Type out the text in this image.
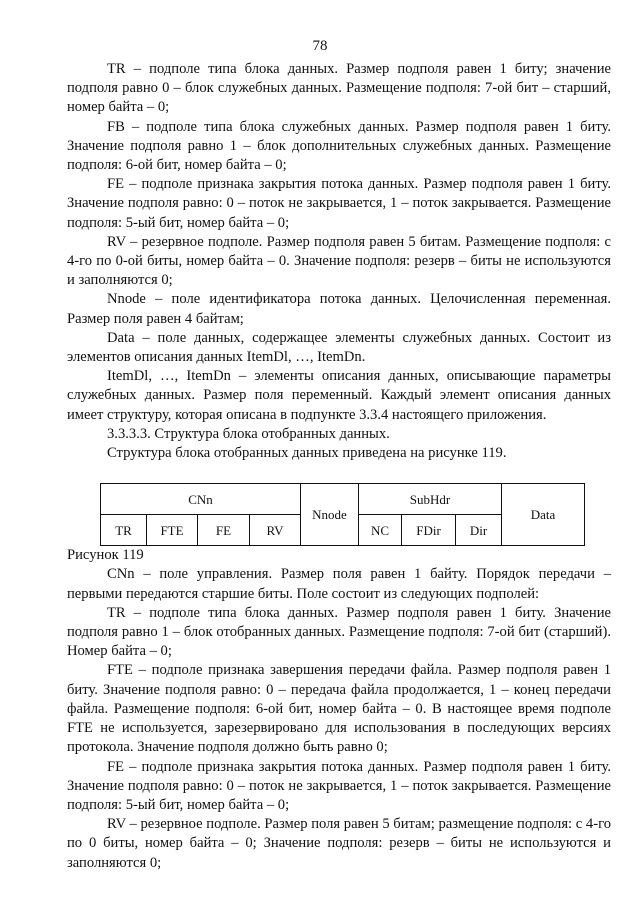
78

TR – подполе типа блока данных. Размер подполя равен 1 биту; значение подполя равно 0 – блок служебных данных. Размещение подполя: 7-ой бит – старший, номер байта – 0;

FB – подполе типа блока служебных данных. Размер подполя равен 1 биту. Значение подполя равно 1 – блок дополнительных служебных данных. Размещение подполя: 6-ой бит, номер байта – 0;

FE – подполе признака закрытия потока данных. Размер подполя равен 1 биту. Значение подполя равно: 0 – поток не закрывается, 1 – поток закрывается. Размещение подполя: 5-ый бит, номер байта – 0;

RV – резервное подполе. Размер подполя равен 5 битам. Размещение подполя: с 4-го по 0-ой биты, номер байта – 0. Значение подполя: резерв – биты не используются и заполняются 0;

Nnode – поле идентификатора потока данных. Целочисленная переменная. Размер поля равен 4 байтам;

Data – поле данных, содержащее элементы служебных данных. Состоит из элементов описания данных ItemDl, …, ItemDn.

ItemDl, …, ItemDn – элементы описания данных, описывающие параметры служебных данных. Размер поля переменный. Каждый элемент описания данных имеет структуру, которая описана в подпункте 3.3.4 настоящего приложения.

3.3.3.3. Структура блока отобранных данных.

Структура блока отобранных данных приведена на рисунке 119.

CNn				Nnode	SubHdr			Data
TR	FTE	FE	RV		NC	FDir	Dir	

Рисунок 119

CNn – поле управления. Размер поля равен 1 байту. Порядок передачи – первыми передаются старшие биты. Поле состоит из следующих подполей:

TR – подполе типа блока данных. Размер подполя равен 1 биту. Значение подполя равно 1 – блок отобранных данных. Размещение подполя: 7-ой бит (старший). Номер байта – 0;

FTE – подполе признака завершения передачи файла. Размер подполя равен 1 биту. Значение подполя равно: 0 – передача файла продолжается, 1 – конец передачи файла. Размещение подполя: 6-ой бит, номер байта – 0. В настоящее время подполе FTE не используется, зарезервировано для использования в последующих версиях протокола. Значение подполя должно быть равно 0;

FE – подполе признака закрытия потока данных. Размер подполя равен 1 биту. Значение подполя равно: 0 – поток не закрывается, 1 – поток закрывается. Размещение подполя: 5-ый бит, номер байта – 0;

RV – резервное подполе. Размер поля равен 5 битам; размещение подполя: с 4-го по 0 биты, номер байта – 0; Значение подполя: резерв – биты не используются и заполняются 0;
